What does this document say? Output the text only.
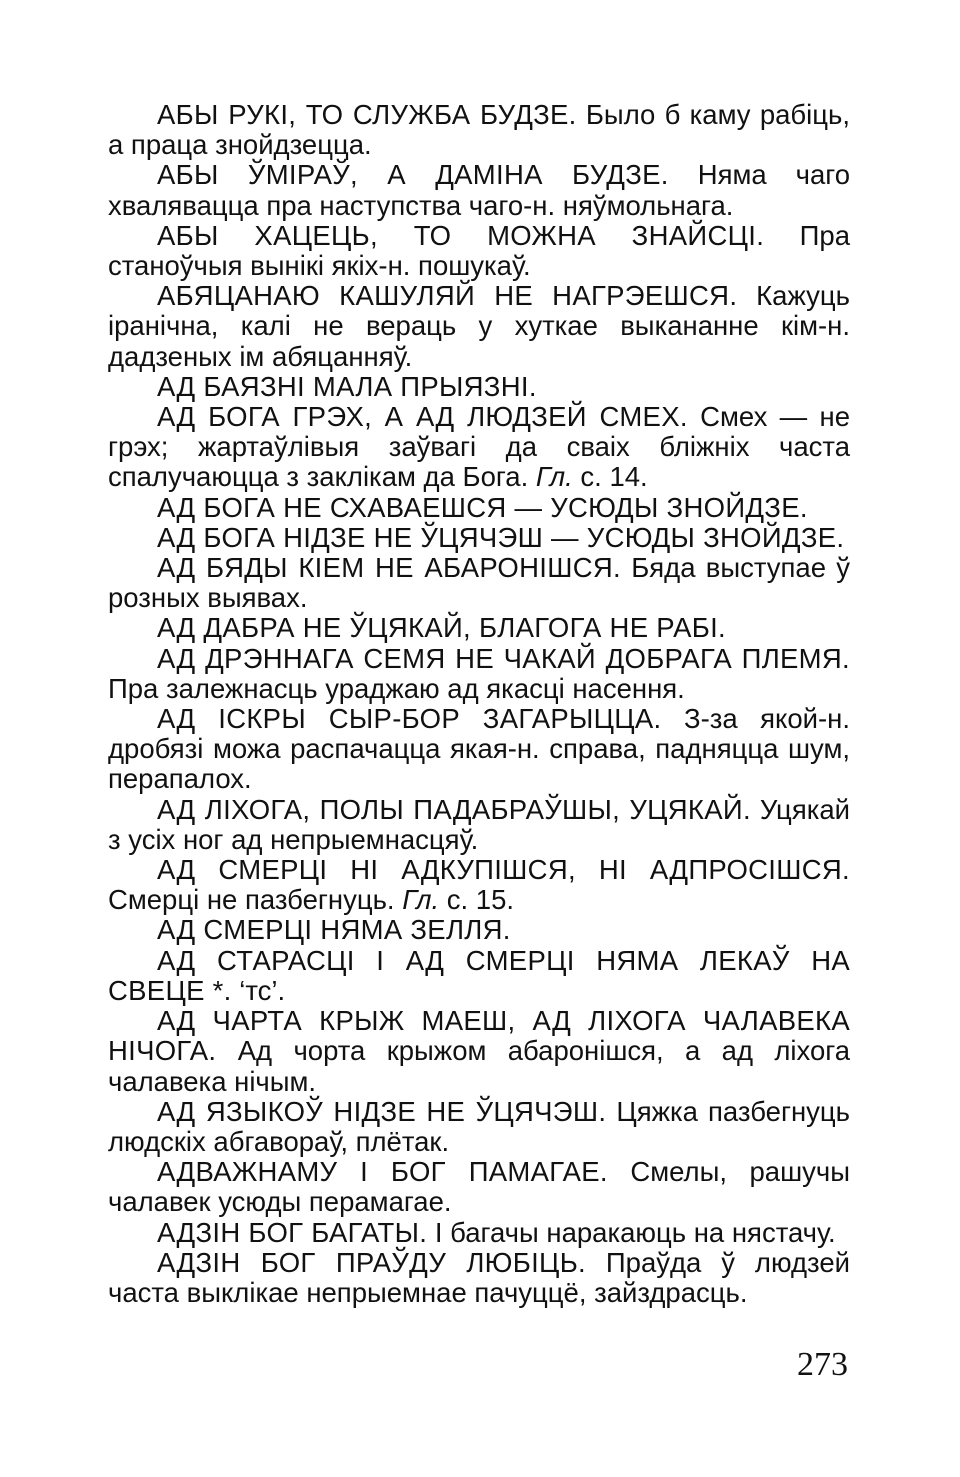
АБЫ РУКІ, ТО СЛУЖБА БУДЗЕ. Было б каму рабіць, а праца знойдзецца.

АБЫ ЎМІРАЎ, А ДАМІНА БУДЗЕ. Няма чаго хваляваццa пра наступства чаго-н. няўмольнага.

АБЫ ХАЦЕЦЬ, ТО МОЖНА ЗНАЙСЦІ. Пра станоўчыя вынікі якіх-н. пошукаў.

АБЯЦАНАЮ КАШУЛЯЙ НЕ НАГРЭЕШСЯ. Кажуць іранічна, калі не верaць у хуткае выкананне кім-н. дадзеных ім абяцанняў.

АД БАЯЗНІ МАЛА ПРЫЯЗНІ.

АД БОГА ГРЭХ, А АД ЛЮДЗЕЙ СМЕХ. Смех — не грэх; жартаўлівыя заўвагі да сваіх бліжніх часта спалучаюцца з заклікам да Бога. Гл. с. 14.

АД БОГА НЕ СХАВАЕШСЯ — УСЮДЫ ЗНОЙДЗЕ.

АД БОГА НІДЗЕ НЕ ЎЦЯЧЭШ — УСЮДЫ ЗНОЙДЗЕ.

АД БЯДЫ КІЕМ НЕ АБАРОНІШСЯ. Бяда выступае ў розных выявах.

АД ДАБРА НЕ ЎЦЯКАЙ, БЛАГОГА НЕ РАБІ.

АД ДРЭННАГА СЕМЯ НЕ ЧАКАЙ ДОБРАГА ПЛЕМЯ. Пра залежнасць ураджаю ад якасці насення.

АД ІСКРЫ СЫР-БОР ЗАГАРЫЦЦА. З-за якой-н. дробязі можа распачацца якая-н. справа, падняцца шум, перапалох.

АД ЛІХОГА, ПОЛЫ ПАДАБРАЎШЫ, УЦЯКАЙ. Уцякай з усіх ног ад непрыемнасцяў.

АД СМЕРЦІ НІ АДКУПІШСЯ, НІ АДПРОСІШСЯ. Смерці не пазбегнуць. Гл. с. 15.

АД СМЕРЦІ НЯМА ЗЕЛЛЯ.

АД СТАРАСЦІ І АД СМЕРЦІ НЯМА ЛЕКАЎ НА СВЕЦЕ *. ‘тс’.

АД ЧАРТА КРЫЖ МАЕШ, АД ЛІХОГА ЧАЛАВЕКА НІЧОГА. Ад чорта крыжом абаронішся, а ад ліхога чалавека нічым.

АД ЯЗЫКОЎ НІДЗЕ НЕ ЎЦЯЧЭШ. Цяжка пазбегнуць людскіх абгавораў, плётак.

АДВАЖНАМУ І БОГ ПАМАГАЕ. Смелы, рашучы чалавек усюды перамагае.

АДЗІН БОГ БАГАТЫ. І багачы наракаюць на нястачу.

АДЗІН БОГ ПРАЎДУ ЛЮБІЦЬ. Праўда ў людзей часта выклікае непрыемнае пачуццё, зайздрасць.

273
